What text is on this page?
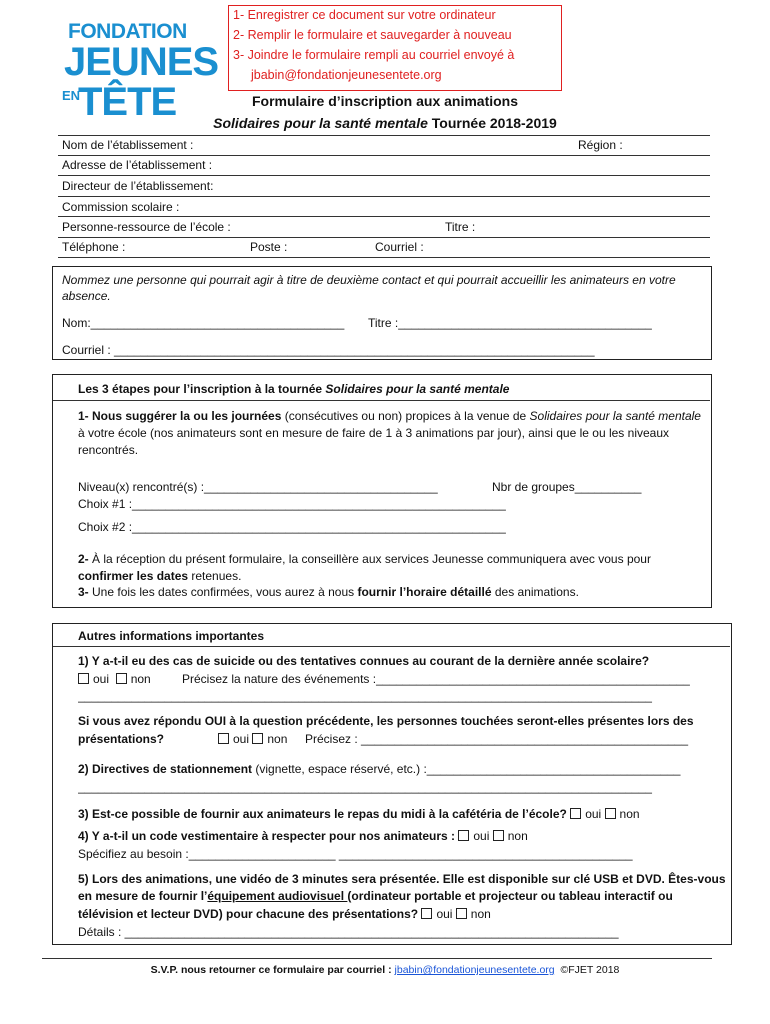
FONDATION
JEUNES
EN
TÊTE
1- Enregistrer ce document sur votre ordinateur
2- Remplir le formulaire et sauvegarder à nouveau
3- Joindre le formulaire rempli au courriel envoyé à
jbabin@fondationjeunesentete.org
Formulaire d’inscription aux animations
Solidaires pour la santé mentale Tournée 2018-2019
Nom de l’établissement :	Région :
Adresse de l’établissement :
Directeur de l’établissement:
Commission scolaire :
Personne-ressource de l’école :	Titre :
Téléphone :	Poste :	Courriel :
Nommez une personne qui pourrait agir à titre de deuxième contact et qui pourrait accueillir les animateurs en votre absence.
Nom:______________________________________ Titre :______________________________________
Courriel : ________________________________________________________________________
Les 3 étapes pour l’inscription à la tournée Solidaires pour la santé mentale
1- Nous suggérer la ou les journées (consécutives ou non) propices à la venue de Solidaires pour la santé mentale
à votre école (nos animateurs sont en mesure de faire de 1 à 3 animations par jour), ainsi que le ou les niveaux rencontrés.
Niveau(x) rencontré(s) :___________________________________	Nbr de groupes__________
Choix #1 :________________________________________________________
Choix #2 :________________________________________________________
2- À la réception du présent formulaire, la conseillère aux services Jeunesse communiquera avec vous pour confirmer les dates retenues.
3- Une fois les dates confirmées, vous aurez à nous fournir l’horaire détaillé des animations.
Autres informations importantes
1) Y a-t-il eu des cas de suicide ou des tentatives connues au courant de la dernière année scolaire?
oui non	Précisez la nature des événements :_______________________________________________
______________________________________________________________________________________
Si vous avez répondu OUI à la question précédente, les personnes touchées seront-elles présentes lors des
présentations?	oui non Précisez : _________________________________________________
2) Directives de stationnement (vignette, espace réservé, etc.) :______________________________________
______________________________________________________________________________________
3) Est-ce possible de fournir aux animateurs le repas du midi à la cafétéria de l’école? oui non
4) Y a-t-il un code vestimentaire à respecter pour nos animateurs : oui non
Spécifiez au besoin :______________________ ____________________________________________
5) Lors des animations, une vidéo de 3 minutes sera présentée. Elle est disponible sur clé USB et DVD. Êtes-vous
en mesure de fournir l’équipement audiovisuel (ordinateur portable et projecteur ou tableau interactif ou
télévision et lecteur DVD) pour chacune des présentations? oui non
Détails : __________________________________________________________________________
S.V.P. nous retourner ce formulaire par courriel : jbabin@fondationjeunesentete.org ©FJET 2018
